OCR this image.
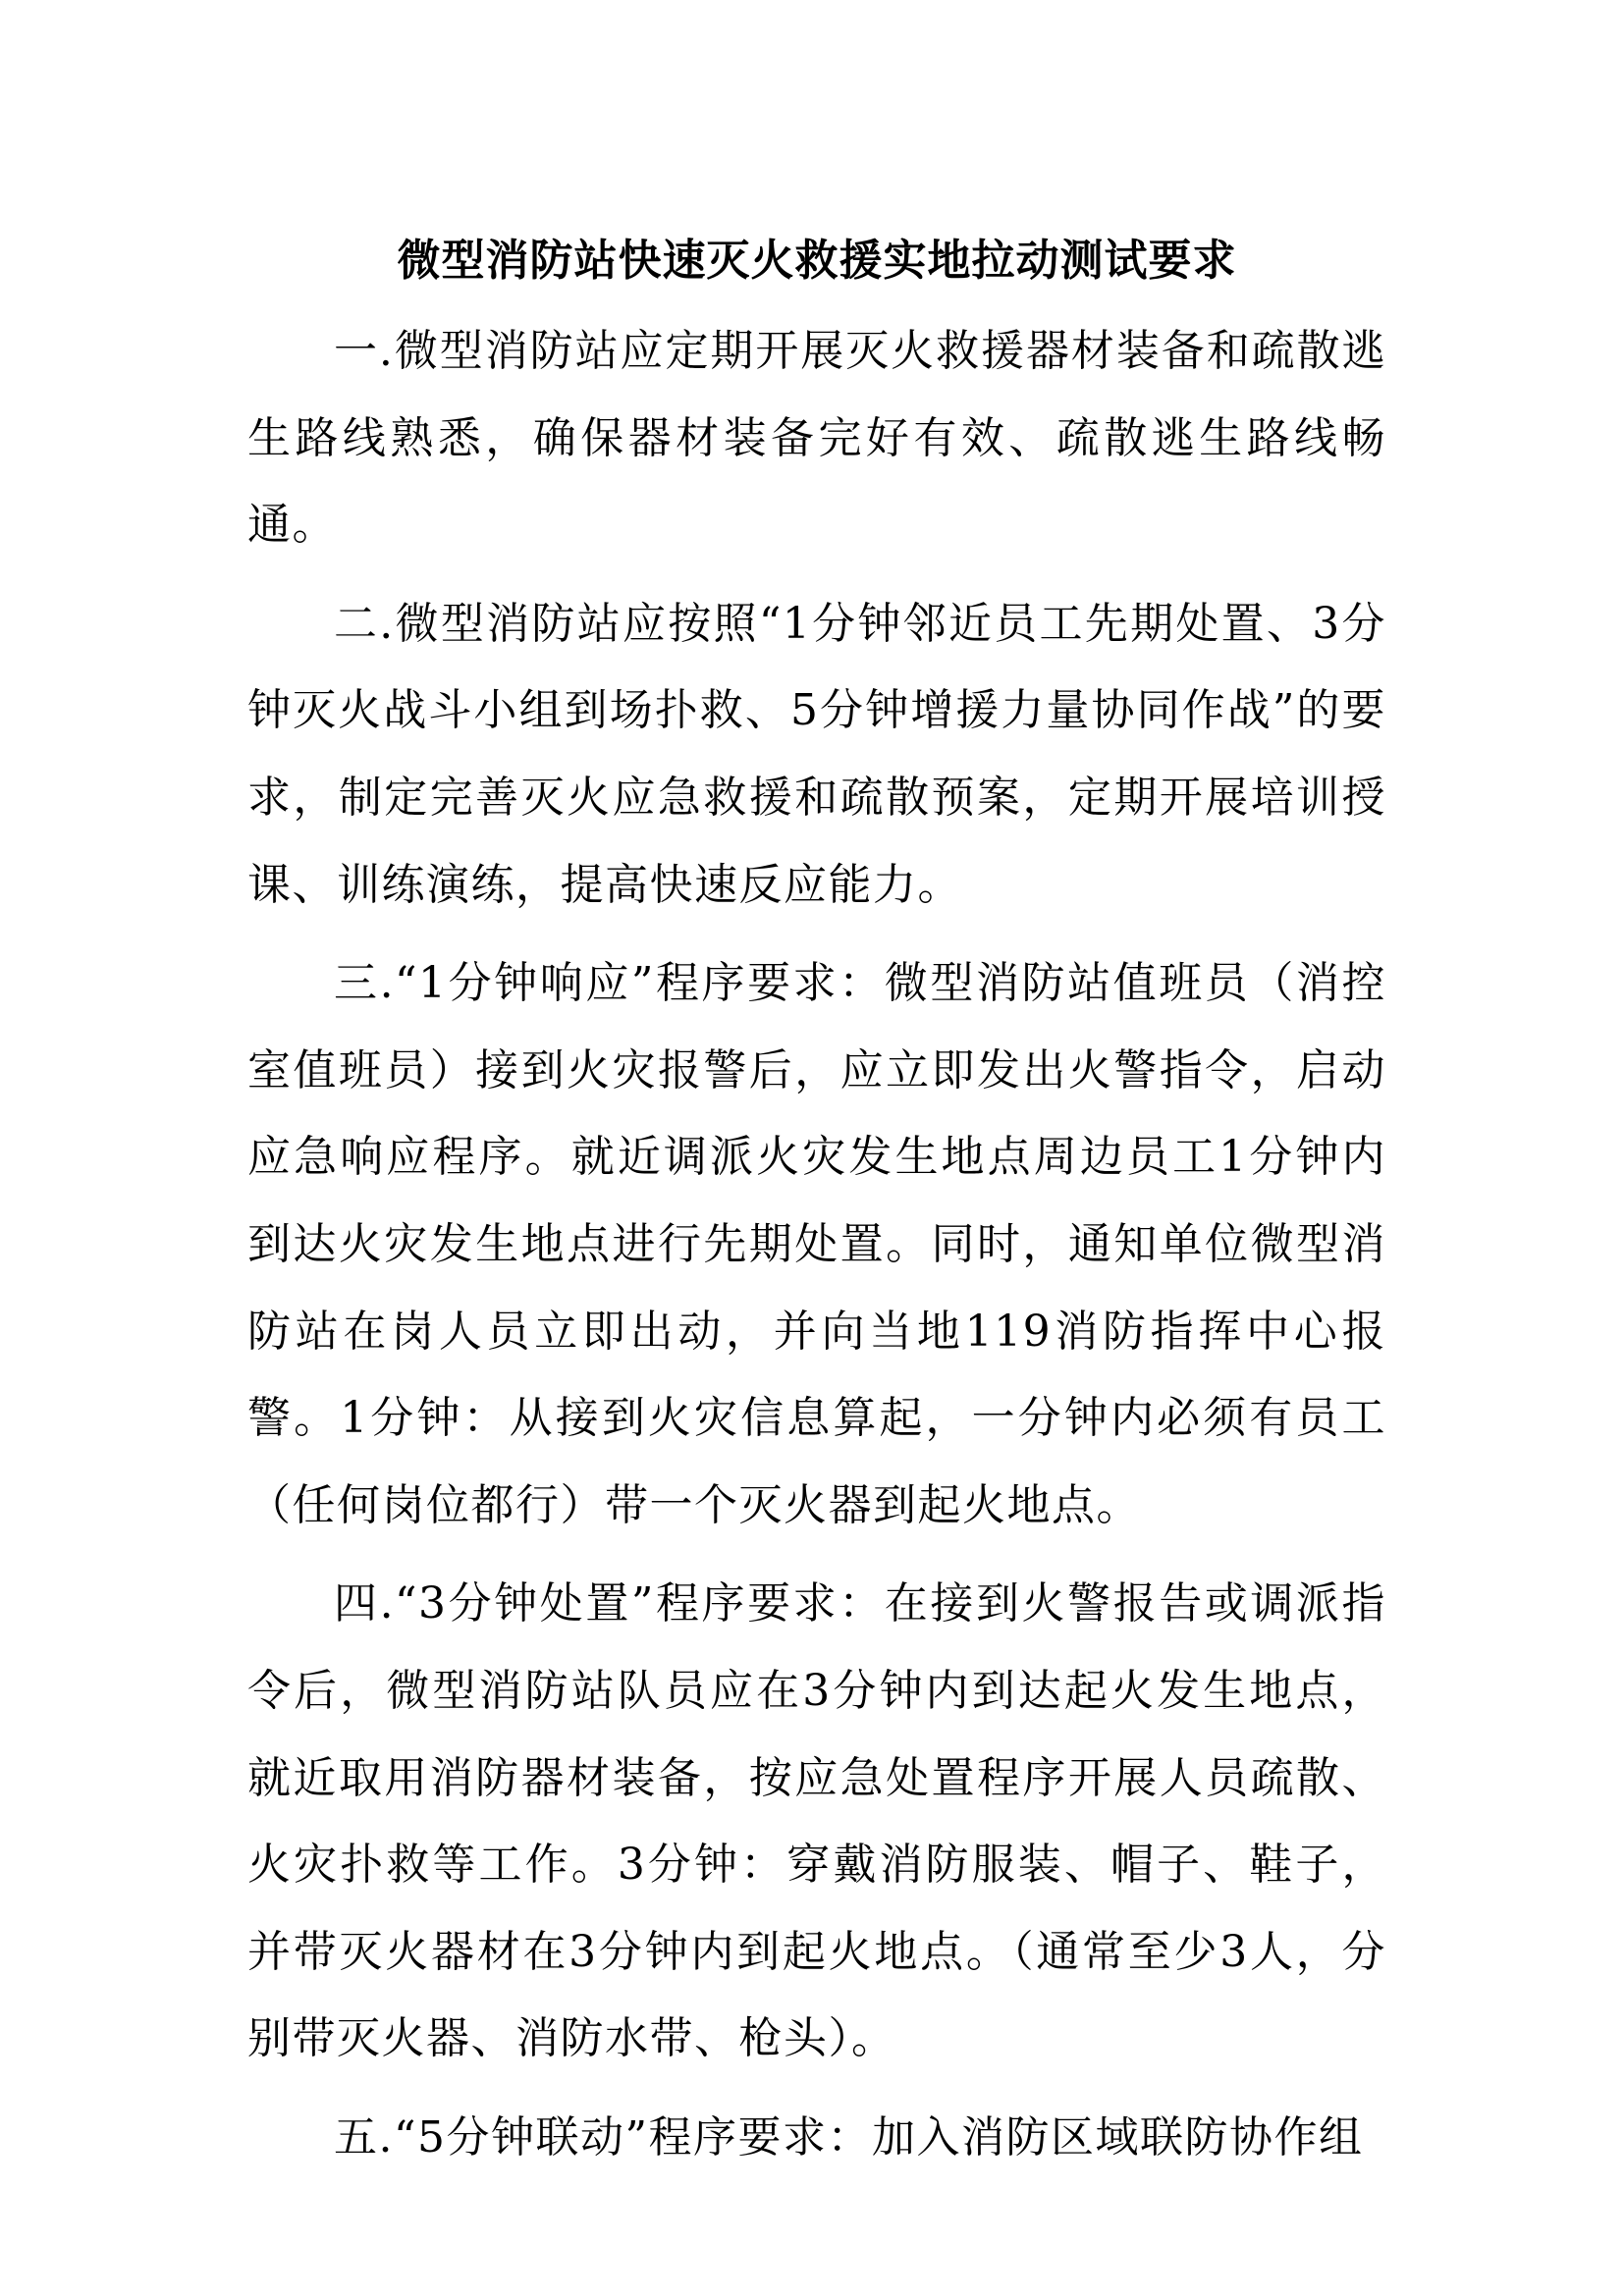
微型消防站快速灭火救援实地拉动测试要求

一.微型消防站应定期开展灭火救援器材装备和疏散逃生路线熟悉，确保器材装备完好有效、疏散逃生路线畅通。

二.微型消防站应按照“1分钟邻近员工先期处置、3分钟灭火战斗小组到场扑救、5分钟增援力量协同作战”的要求，制定完善灭火应急救援和疏散预案，定期开展培训授课、训练演练，提高快速反应能力。

三.“1分钟响应”程序要求：微型消防站值班员（消控室值班员）接到火灾报警后，应立即发出火警指令，启动应急响应程序。就近调派火灾发生地点周边员工1分钟内到达火灾发生地点进行先期处置。同时，通知单位微型消防站在岗人员立即出动，并向当地119消防指挥中心报警。1分钟：从接到火灾信息算起，一分钟内必须有员工（任何岗位都行）带一个灭火器到起火地点。

四.“3分钟处置”程序要求：在接到火警报告或调派指令后，微型消防站队员应在3分钟内到达起火发生地点，就近取用消防器材装备，按应急处置程序开展人员疏散、火灾扑救等工作。3分钟：穿戴消防服装、帽子、鞋子，并带灭火器材在3分钟内到起火地点。（通常至少3人，分别带灭火器、消防水带、枪头）。

五.“5分钟联动”程序要求：加入消防区域联防协作组
